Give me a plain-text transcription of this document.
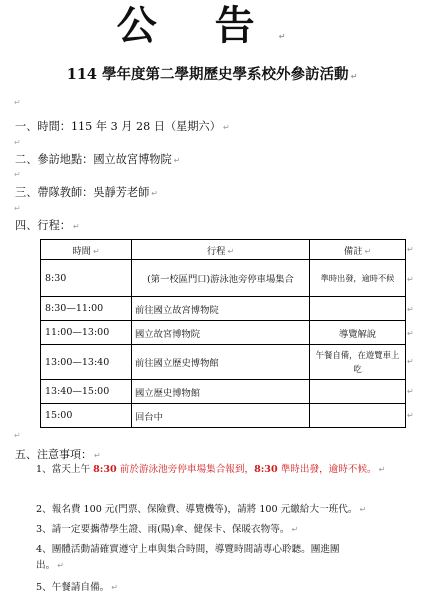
公 告 ↵
114 學年度第二學期歷史學系校外參訪活動 ↵
↵
一、時間：115 年 3 月 28 日（星期六） ↵
↵
二、參訪地點：國立故宮博物院 ↵
↵
三、帶隊教師：吳靜芳老師 ↵
↵
四、行程： ↵
時間 ↵	行程 ↵	備註 ↵
8:30	(第一校區門口)游泳池旁停車場集合	準時出發，逾時不候
8:30—11:00	前往國立故宮博物院	
11:00—13:00	國立故宮博物院	導覽解說
13:00—13:40	前往國立歷史博物館	午餐自備，在遊覽車上吃
13:40—15:00	國立歷史博物館	
15:00	回台中	
↵
↵
↵
↵
↵
↵
↵
↵
五、注意事項： ↵
1、當天上午 8:30 前於游泳池旁停車場集合報到，8:30 準時出發，逾時不候。 ↵
2、報名費 100 元(門票、保險費、導覽機等)，請將 100 元繳給大一班代。 ↵
3、請一定要攜帶學生證、雨(陽)傘、健保卡、保暖衣物等。 ↵
4、團體活動請確實遵守上車與集合時間，導覽時間請專心聆聽。團進團
出。 ↵
5、午餐請自備。 ↵
